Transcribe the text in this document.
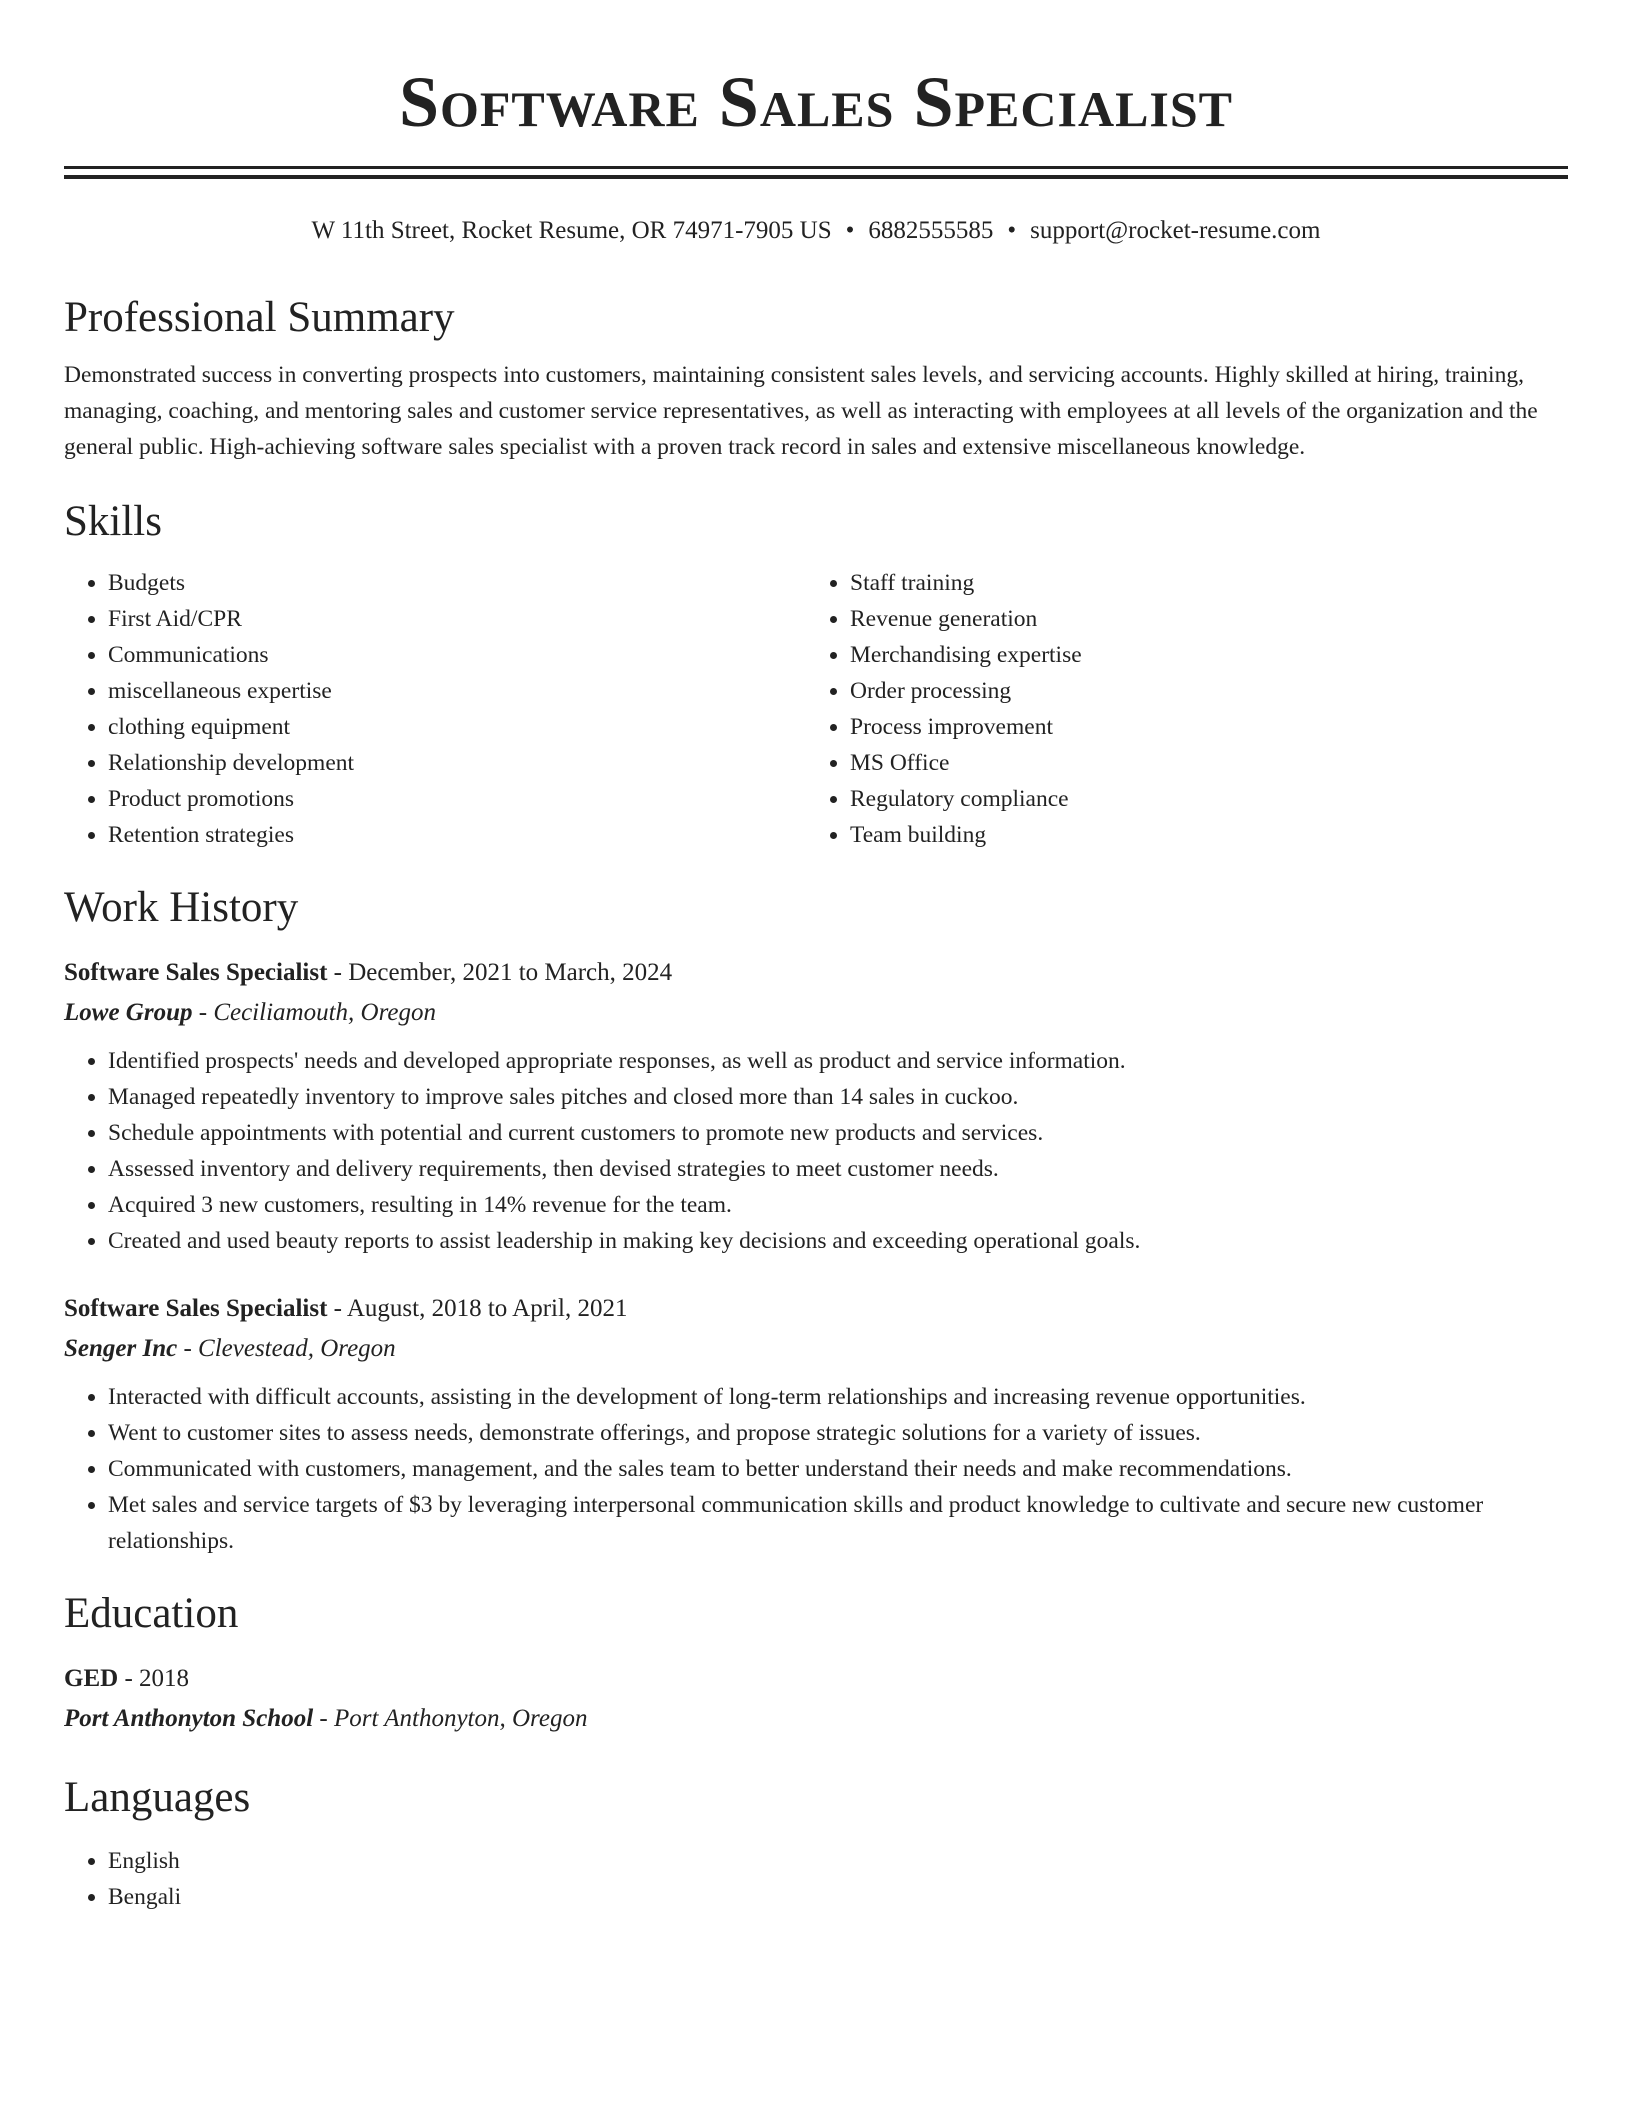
Software Sales Specialist
W 11th Street, Rocket Resume, OR 74971-7905 US • 6882555585 • support@rocket-resume.com
Professional Summary
Demonstrated success in converting prospects into customers, maintaining consistent sales levels, and servicing accounts. Highly skilled at hiring, training, managing, coaching, and mentoring sales and customer service representatives, as well as interacting with employees at all levels of the organization and the general public. High-achieving software sales specialist with a proven track record in sales and extensive miscellaneous knowledge.
Skills
• Budgets
• First Aid/CPR
• Communications
• miscellaneous expertise
• clothing equipment
• Relationship development
• Product promotions
• Retention strategies
• Staff training
• Revenue generation
• Merchandising expertise
• Order processing
• Process improvement
• MS Office
• Regulatory compliance
• Team building
Work History
Software Sales Specialist - December, 2021 to March, 2024
Lowe Group - Ceciliamouth, Oregon
• Identified prospects' needs and developed appropriate responses, as well as product and service information.
• Managed repeatedly inventory to improve sales pitches and closed more than 14 sales in cuckoo.
• Schedule appointments with potential and current customers to promote new products and services.
• Assessed inventory and delivery requirements, then devised strategies to meet customer needs.
• Acquired 3 new customers, resulting in 14% revenue for the team.
• Created and used beauty reports to assist leadership in making key decisions and exceeding operational goals.
Software Sales Specialist - August, 2018 to April, 2021
Senger Inc - Clevestead, Oregon
• Interacted with difficult accounts, assisting in the development of long-term relationships and increasing revenue opportunities.
• Went to customer sites to assess needs, demonstrate offerings, and propose strategic solutions for a variety of issues.
• Communicated with customers, management, and the sales team to better understand their needs and make recommendations.
• Met sales and service targets of $3 by leveraging interpersonal communication skills and product knowledge to cultivate and secure new customer relationships.
Education
GED - 2018
Port Anthonyton School - Port Anthonyton, Oregon
Languages
• English
• Bengali
